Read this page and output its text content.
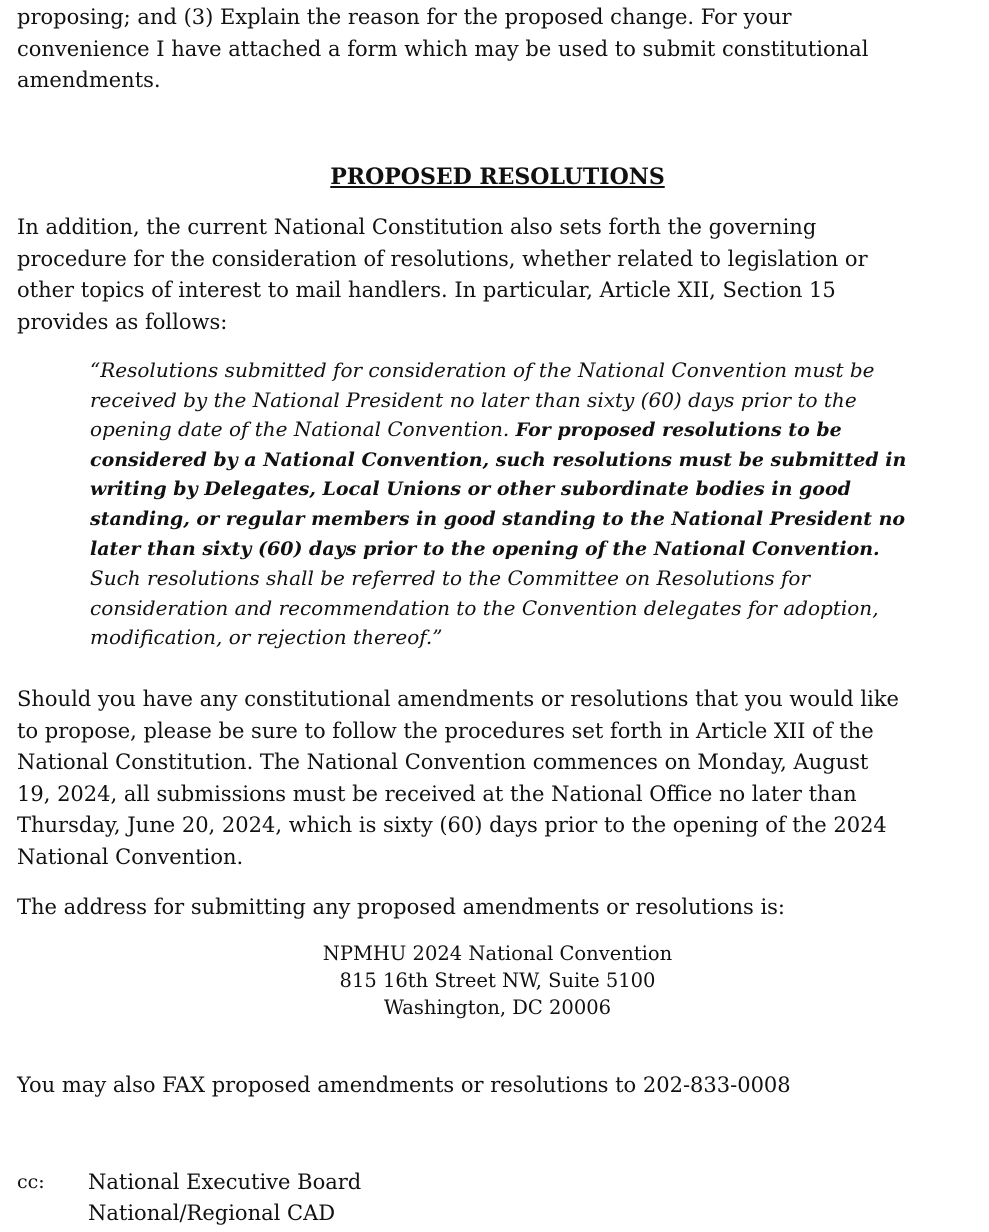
proposing; and (3) Explain the reason for the proposed change. For your
convenience I have attached a form which may be used to submit constitutional
amendments.

PROPOSED RESOLUTIONS

In addition, the current National Constitution also sets forth the governing
procedure for the consideration of resolutions, whether related to legislation or
other topics of interest to mail handlers. In particular, Article XII, Section 15
provides as follows:

“Resolutions submitted for consideration of the National Convention must be
received by the National President no later than sixty (60) days prior to the
opening date of the National Convention. For proposed resolutions to be
considered by a National Convention, such resolutions must be submitted in
writing by Delegates, Local Unions or other subordinate bodies in good
standing, or regular members in good standing to the National President no
later than sixty (60) days prior to the opening of the National Convention.
Such resolutions shall be referred to the Committee on Resolutions for
consideration and recommendation to the Convention delegates for adoption,
modification, or rejection thereof.”

Should you have any constitutional amendments or resolutions that you would like
to propose, please be sure to follow the procedures set forth in Article XII of the
National Constitution. The National Convention commences on Monday, August
19, 2024, all submissions must be received at the National Office no later than
Thursday, June 20, 2024, which is sixty (60) days prior to the opening of the 2024
National Convention.

The address for submitting any proposed amendments or resolutions is:

NPMHU 2024 National Convention
815 16th Street NW, Suite 5100
Washington, DC 20006

You may also FAX proposed amendments or resolutions to 202-833-0008

cc: National Executive Board
National/Regional CAD
